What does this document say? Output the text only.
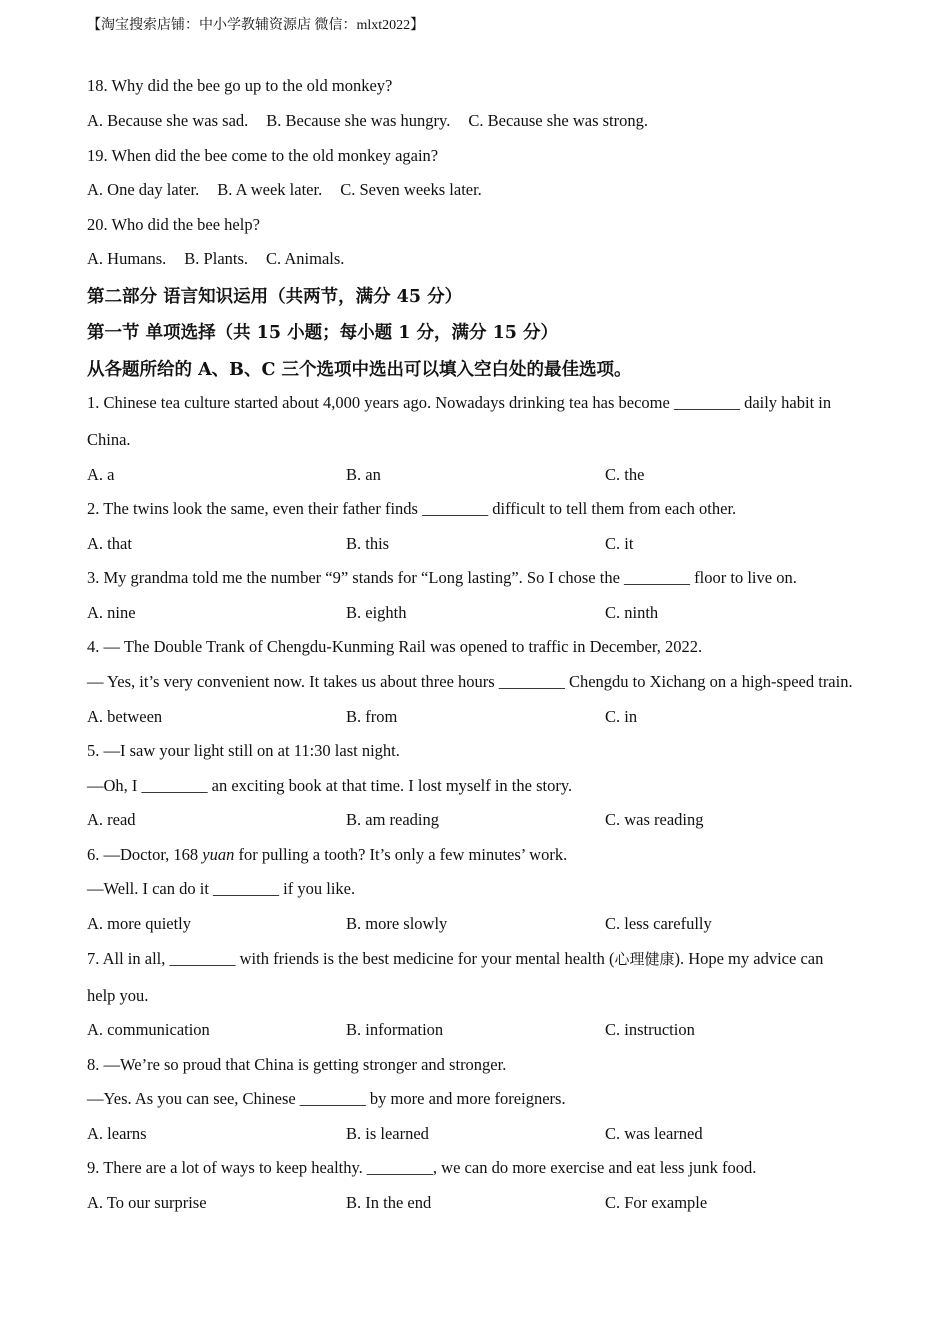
【淘宝搜索店铺：中小学教辅资源店 微信：mlxt2022】
18. Why did the bee go up to the old monkey?
A. Because she was sad. B. Because she was hungry. C. Because she was strong.
19. When did the bee come to the old monkey again?
A. One day later. B. A week later. C. Seven weeks later.
20. Who did the bee help?
A. Humans. B. Plants. C. Animals.
第二部分 语言知识运用（共两节，满分 45 分）
第一节 单项选择（共 15 小题；每小题 1 分，满分 15 分）
从各题所给的 A、B、C 三个选项中选出可以填入空白处的最佳选项。
1. Chinese tea culture started about 4,000 years ago. Nowadays drinking tea has become ________ daily habit in
China.
A. a	B. an	C. the
2. The twins look the same, even their father finds ________ difficult to tell them from each other.
A. that	B. this	C. it
3. My grandma told me the number “9” stands for “Long lasting”. So I chose the ________ floor to live on.
A. nine	B. eighth	C. ninth
4. — The Double Trank of Chengdu-Kunming Rail was opened to traffic in December, 2022.
— Yes, it’s very convenient now. It takes us about three hours ________ Chengdu to Xichang on a high-speed train.
A. between	B. from	C. in
5. —I saw your light still on at 11:30 last night.
—Oh, I ________ an exciting book at that time. I lost myself in the story.
A. read	B. am reading	C. was reading
6. —Doctor, 168 yuan for pulling a tooth? It’s only a few minutes’ work.
—Well. I can do it ________ if you like.
A. more quietly	B. more slowly	C. less carefully
7. All in all, ________ with friends is the best medicine for your mental health (心理健康). Hope my advice can
help you.
A. communication	B. information	C. instruction
8. —We’re so proud that China is getting stronger and stronger.
—Yes. As you can see, Chinese ________ by more and more foreigners.
A. learns	B. is learned	C. was learned
9. There are a lot of ways to keep healthy. ________, we can do more exercise and eat less junk food.
A. To our surprise	B. In the end	C. For example
